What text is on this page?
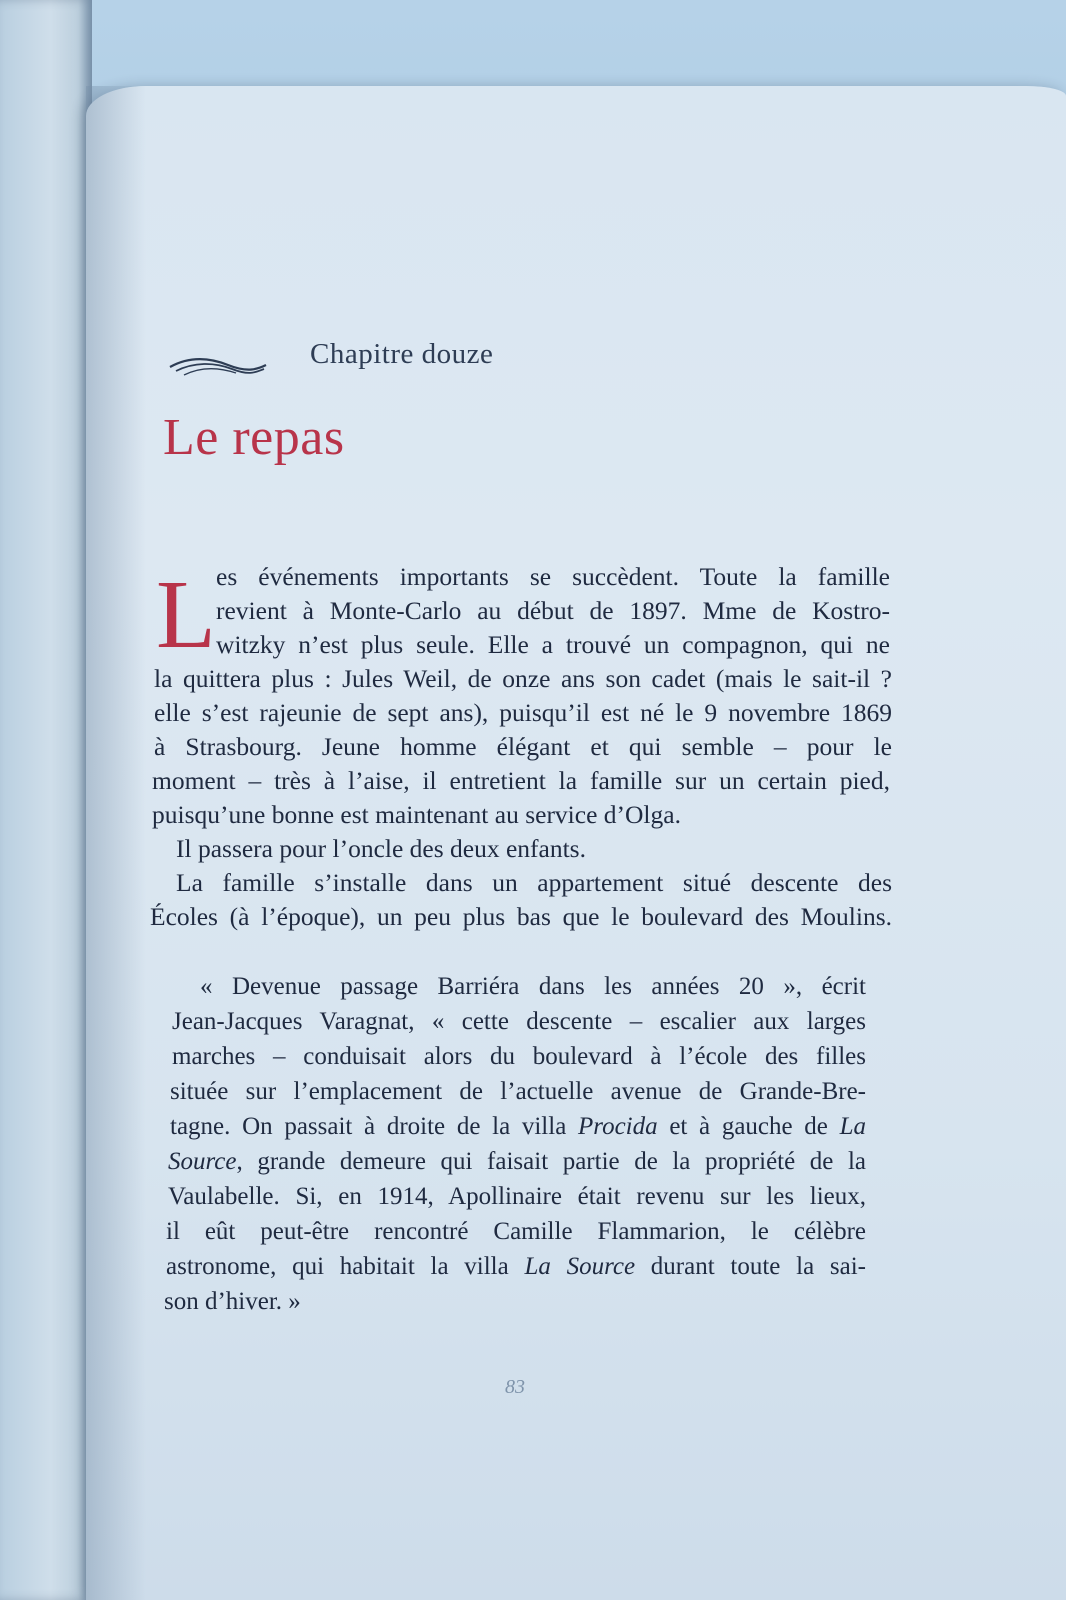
Chapitre douze
Le repas
L es événements importants se succèdent. Toute la famille
revient à Monte-Carlo au début de 1897. Mme de Kostro-
witzky n’est plus seule. Elle a trouvé un compagnon, qui ne
la quittera plus : Jules Weil, de onze ans son cadet (mais le sait-il ?
elle s’est rajeunie de sept ans), puisqu’il est né le 9 novembre 1869
à Strasbourg. Jeune homme élégant et qui semble – pour le
moment – très à l’aise, il entretient la famille sur un certain pied,
puisqu’une bonne est maintenant au service d’Olga.
Il passera pour l’oncle des deux enfants.
La famille s’installe dans un appartement situé descente des
Écoles (à l’époque), un peu plus bas que le boulevard des Moulins.
« Devenue passage Barriéra dans les années 20 », écrit
Jean-Jacques Varagnat, « cette descente – escalier aux larges
marches – conduisait alors du boulevard à l’école des filles
située sur l’emplacement de l’actuelle avenue de Grande-Bre-
tagne. On passait à droite de la villa Procida et à gauche de La
Source, grande demeure qui faisait partie de la propriété de la
Vaulabelle. Si, en 1914, Apollinaire était revenu sur les lieux,
il eût peut-être rencontré Camille Flammarion, le célèbre
astronome, qui habitait la villa La Source durant toute la sai-
son d’hiver. »
83
